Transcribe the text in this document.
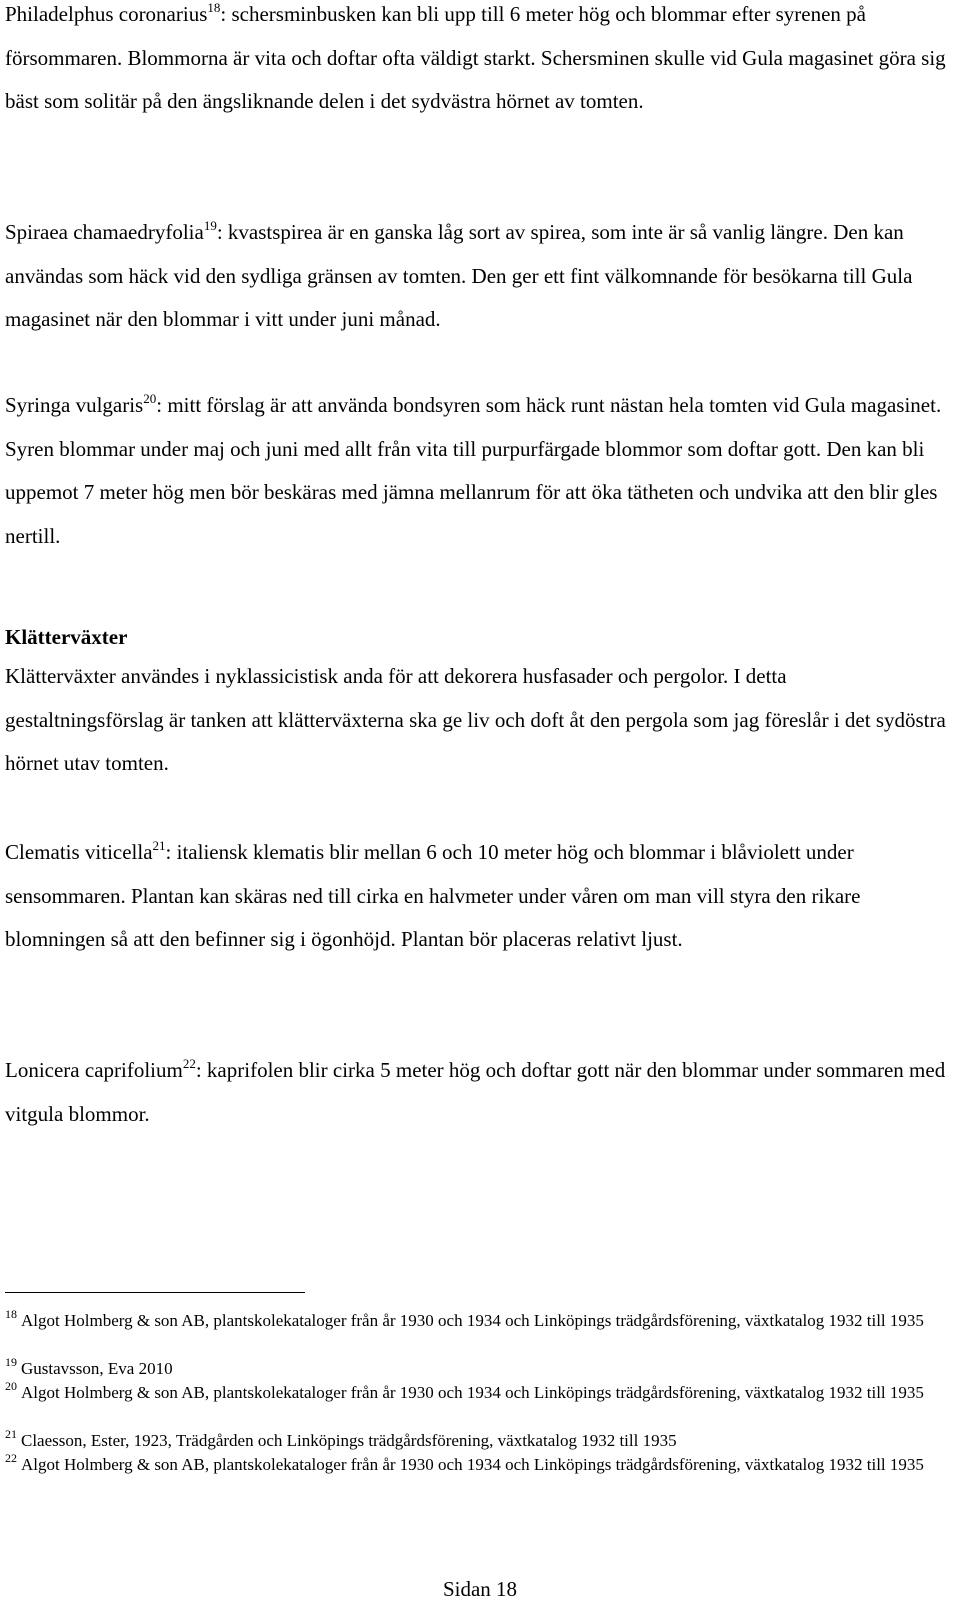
Philadelphus coronarius$^{18}$: schersminbusken kan bli upp till 6 meter hög och blommar efter syrenen på försommaren. Blommorna är vita och doftar ofta väldigt starkt. Schersminen skulle vid Gula magasinet göra sig bäst som solitär på den ängsliknande delen i det sydvästra hörnet av tomten.

Spiraea chamaedryfolia$^{19}$: kvastspirea är en ganska låg sort av spirea, som inte är så vanlig längre. Den kan användas som häck vid den sydliga gränsen av tomten. Den ger ett fint välkomnande för besökarna till Gula magasinet när den blommar i vitt under juni månad.

Syringa vulgaris$^{20}$: mitt förslag är att använda bondsyren som häck runt nästan hela tomten vid Gula magasinet. Syren blommar under maj och juni med allt från vita till purpurfärgade blommor som doftar gott. Den kan bli uppemot 7 meter hög men bör beskäras med jämna mellanrum för att öka tätheten och undvika att den blir gles nertill.

Klätterväxter

Klätterväxter användes i nyklassicistisk anda för att dekorera husfasader och pergolor. I detta gestaltningsförslag är tanken att klätterväxterna ska ge liv och doft åt den pergola som jag föreslår i det sydöstra hörnet utav tomten.

Clematis viticella$^{21}$: italiensk klematis blir mellan 6 och 10 meter hög och blommar i blåviolett under sensommaren. Plantan kan skäras ned till cirka en halvmeter under våren om man vill styra den rikare blomningen så att den befinner sig i ögonhöjd. Plantan bör placeras relativt ljust.

Lonicera caprifolium$^{22}$: kaprifolen blir cirka 5 meter hög och doftar gott när den blommar under sommaren med vitgula blommor.

$^{18}$ Algot Holmberg & son AB, plantskolekataloger från år 1930 och 1934 och Linköpings trädgårdsförening, växtkatalog 1932 till 1935

$^{19}$ Gustavsson, Eva 2010

$^{20}$ Algot Holmberg & son AB, plantskolekataloger från år 1930 och 1934 och Linköpings trädgårdsförening, växtkatalog 1932 till 1935

$^{21}$ Claesson, Ester, 1923, Trädgården och Linköpings trädgårdsförening, växtkatalog 1932 till 1935

$^{22}$ Algot Holmberg & son AB, plantskolekataloger från år 1930 och 1934 och Linköpings trädgårdsförening, växtkatalog 1932 till 1935

Sidan 18
